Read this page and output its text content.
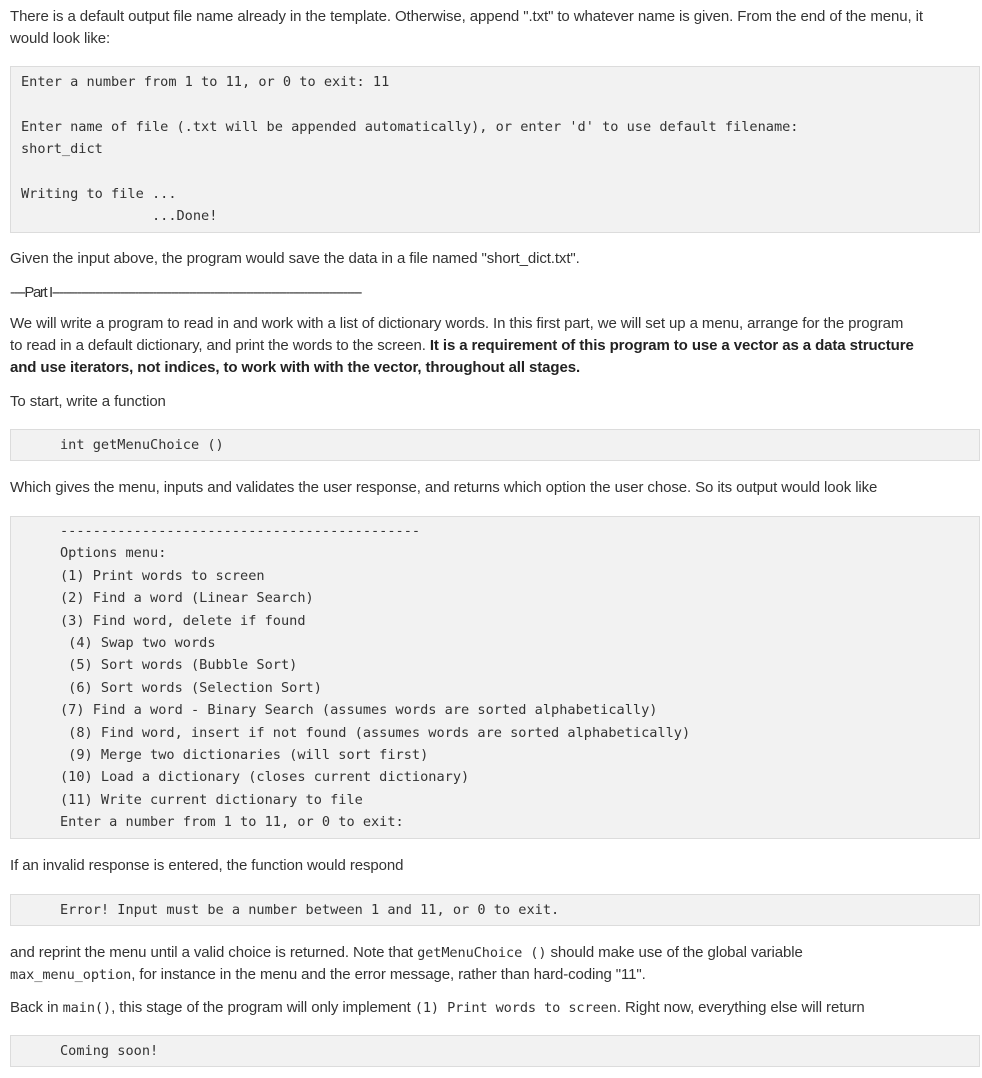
There is a default output file name already in the template. Otherwise, append ".txt" to whatever name is given. From the end of the menu, it

would look like:

Enter a number from 1 to 11, or 0 to exit: 11
Enter name of file (.txt will be appended automatically), or enter 'd' to use default filename:
short_dict
Writing to file ...
...Done!

Given the input above, the program would save the data in a file named "short_dict.txt".

----Part I--------------------------------------------------------------------------------------

We will write a program to read in and work with a list of dictionary words. In this first part, we will set up a menu, arrange for the program

to read in a default dictionary, and print the words to the screen. It is a requirement of this program to use a vector as a data structure

and use iterators, not indices, to work with with the vector, throughout all stages.

To start, write a function

int getMenuChoice ()

Which gives the menu, inputs and validates the user response, and returns which option the user chose. So its output would look like

--------------------------------------------
Options menu:
(1) Print words to screen
(2) Find a word (Linear Search)
(3) Find word, delete if found
(4) Swap two words
(5) Sort words (Bubble Sort)
(6) Sort words (Selection Sort)
(7) Find a word - Binary Search (assumes words are sorted alphabetically)
(8) Find word, insert if not found (assumes words are sorted alphabetically)
(9) Merge two dictionaries (will sort first)
(10) Load a dictionary (closes current dictionary)
(11) Write current dictionary to file
Enter a number from 1 to 11, or 0 to exit:

If an invalid response is entered, the function would respond

Error! Input must be a number between 1 and 11, or 0 to exit.

and reprint the menu until a valid choice is returned. Note that getMenuChoice () should make use of the global variable

max_menu_option, for instance in the menu and the error message, rather than hard-coding "11".

Back in main(), this stage of the program will only implement (1) Print words to screen. Right now, everything else will return

Coming soon!
